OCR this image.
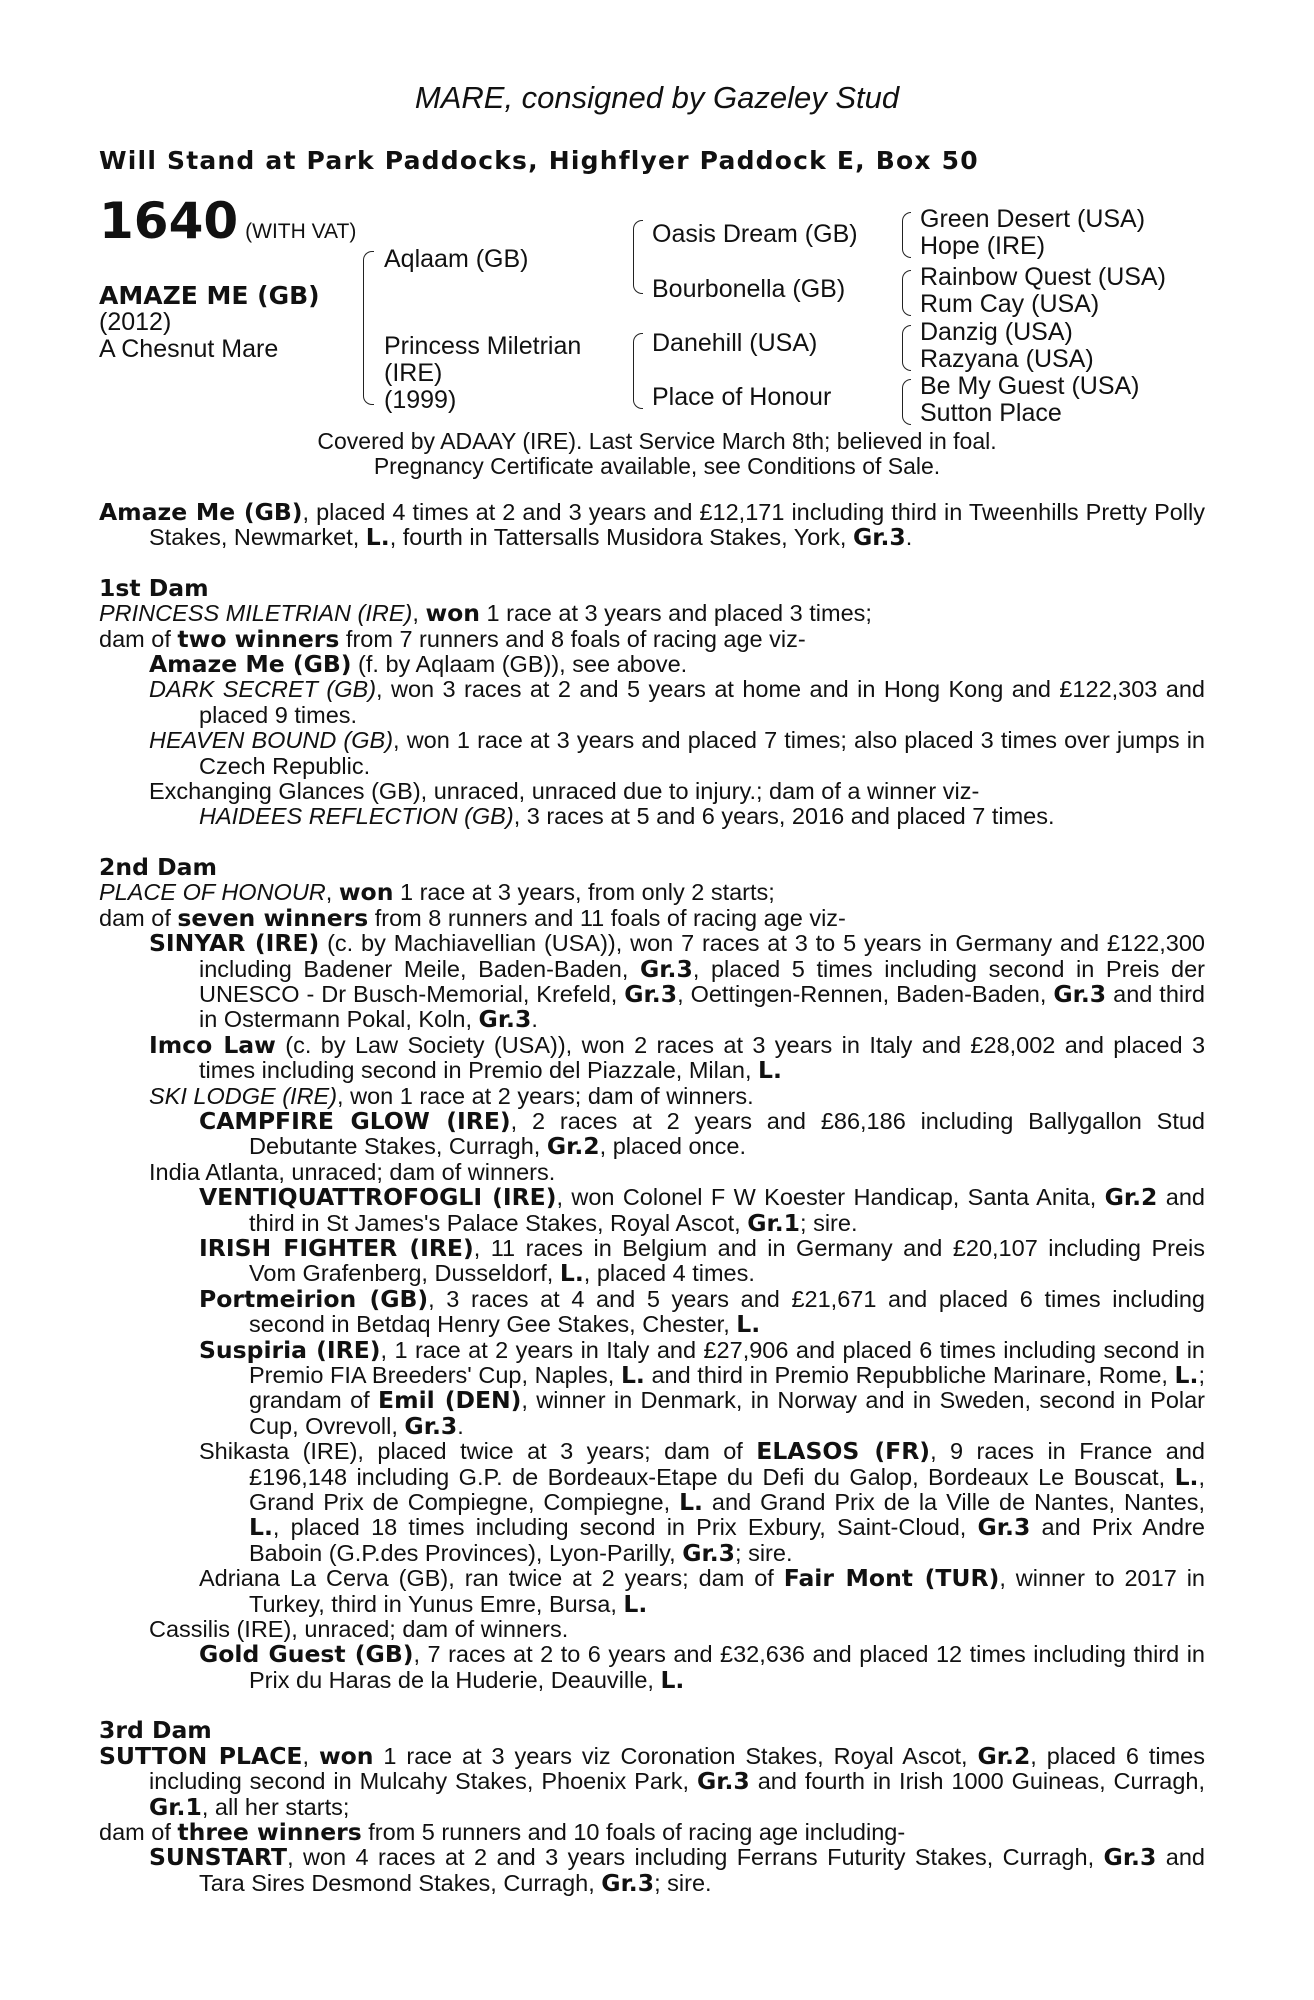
MARE, consigned by Gazeley Stud
Will Stand at Park Paddocks, Highflyer Paddock E, Box 50
1640 (WITH VAT)
AMAZE ME (GB)
(2012)
A Chesnut Mare
Aqlaam (GB)
Princess Miletrian
(IRE)
(1999)
Oasis Dream (GB)
Bourbonella (GB)
Danehill (USA)
Place of Honour
Green Desert (USA)
Hope (IRE)
Rainbow Quest (USA)
Rum Cay (USA)
Danzig (USA)
Razyana (USA)
Be My Guest (USA)
Sutton Place
Covered by ADAAY (IRE). Last Service March 8th; believed in foal.
Pregnancy Certificate available, see Conditions of Sale.

Amaze Me (GB), placed 4 times at 2 and 3 years and £12,171 including third in Tweenhills Pretty Polly Stakes, Newmarket, L., fourth in Tattersalls Musidora Stakes, York, Gr.3.

1st Dam

PRINCESS MILETRIAN (IRE), won 1 race at 3 years and placed 3 times;

dam of two winners from 7 runners and 8 foals of racing age viz-

Amaze Me (GB) (f. by Aqlaam (GB)), see above.

DARK SECRET (GB), won 3 races at 2 and 5 years at home and in Hong Kong and £122,303 and placed 9 times.

HEAVEN BOUND (GB), won 1 race at 3 years and placed 7 times; also placed 3 times over jumps in Czech Republic.

Exchanging Glances (GB), unraced, unraced due to injury.; dam of a winner viz-

HAIDEES REFLECTION (GB), 3 races at 5 and 6 years, 2016 and placed 7 times.

2nd Dam

PLACE OF HONOUR, won 1 race at 3 years, from only 2 starts;

dam of seven winners from 8 runners and 11 foals of racing age viz-

SINYAR (IRE) (c. by Machiavellian (USA)), won 7 races at 3 to 5 years in Germany and £122,300 including Badener Meile, Baden-Baden, Gr.3, placed 5 times including second in Preis der UNESCO - Dr Busch-Memorial, Krefeld, Gr.3, Oettingen-Rennen, Baden-Baden, Gr.3 and third in Ostermann Pokal, Koln, Gr.3.

Imco Law (c. by Law Society (USA)), won 2 races at 3 years in Italy and £28,002 and placed 3 times including second in Premio del Piazzale, Milan, L.

SKI LODGE (IRE), won 1 race at 2 years; dam of winners.

CAMPFIRE GLOW (IRE), 2 races at 2 years and £86,186 including Ballygallon Stud Debutante Stakes, Curragh, Gr.2, placed once.

India Atlanta, unraced; dam of winners.

VENTIQUATTROFOGLI (IRE), won Colonel F W Koester Handicap, Santa Anita, Gr.2 and third in St James's Palace Stakes, Royal Ascot, Gr.1; sire.

IRISH FIGHTER (IRE), 11 races in Belgium and in Germany and £20,107 including Preis Vom Grafenberg, Dusseldorf, L., placed 4 times.

Portmeirion (GB), 3 races at 4 and 5 years and £21,671 and placed 6 times including second in Betdaq Henry Gee Stakes, Chester, L.

Suspiria (IRE), 1 race at 2 years in Italy and £27,906 and placed 6 times including second in Premio FIA Breeders' Cup, Naples, L. and third in Premio Repubbliche Marinare, Rome, L.; grandam of Emil (DEN), winner in Denmark, in Norway and in Sweden, second in Polar Cup, Ovrevoll, Gr.3.

Shikasta (IRE), placed twice at 3 years; dam of ELASOS (FR), 9 races in France and £196,148 including G.P. de Bordeaux-Etape du Defi du Galop, Bordeaux Le Bouscat, L., Grand Prix de Compiegne, Compiegne, L. and Grand Prix de la Ville de Nantes, Nantes, L., placed 18 times including second in Prix Exbury, Saint-Cloud, Gr.3 and Prix Andre Baboin (G.P.des Provinces), Lyon-Parilly, Gr.3; sire.

Adriana La Cerva (GB), ran twice at 2 years; dam of Fair Mont (TUR), winner to 2017 in Turkey, third in Yunus Emre, Bursa, L.

Cassilis (IRE), unraced; dam of winners.

Gold Guest (GB), 7 races at 2 to 6 years and £32,636 and placed 12 times including third in Prix du Haras de la Huderie, Deauville, L.

3rd Dam

SUTTON PLACE, won 1 race at 3 years viz Coronation Stakes, Royal Ascot, Gr.2, placed 6 times including second in Mulcahy Stakes, Phoenix Park, Gr.3 and fourth in Irish 1000 Guineas, Curragh, Gr.1, all her starts;

dam of three winners from 5 runners and 10 foals of racing age including-

SUNSTART, won 4 races at 2 and 3 years including Ferrans Futurity Stakes, Curragh, Gr.3 and Tara Sires Desmond Stakes, Curragh, Gr.3; sire.
